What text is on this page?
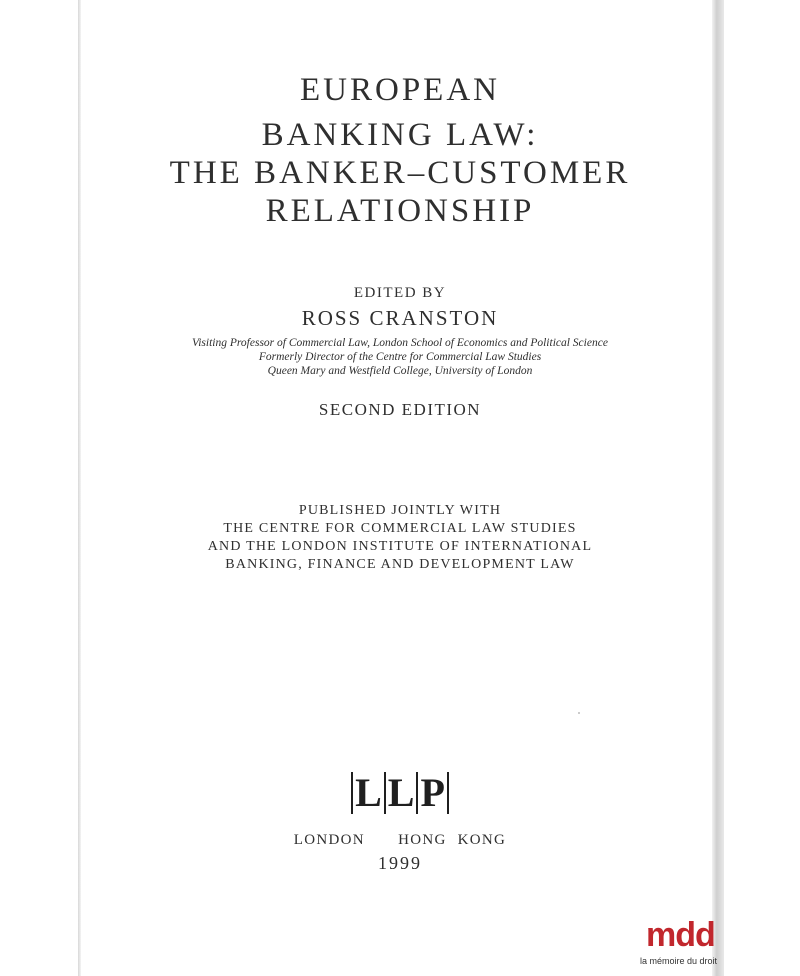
EUROPEAN
BANKING LAW:
THE BANKER–CUSTOMER
RELATIONSHIP
EDITED BY
ROSS CRANSTON
Visiting Professor of Commercial Law, London School of Economics and Political Science
Formerly Director of the Centre for Commercial Law Studies
Queen Mary and Westfield College, University of London
SECOND EDITION
PUBLISHED JOINTLY WITH
THE CENTRE FOR COMMERCIAL LAW STUDIES
AND THE LONDON INSTITUTE OF INTERNATIONAL
BANKING, FINANCE AND DEVELOPMENT LAW
L L P
LONDON   HONG KONG
1999
mdd
la mémoire du droit
